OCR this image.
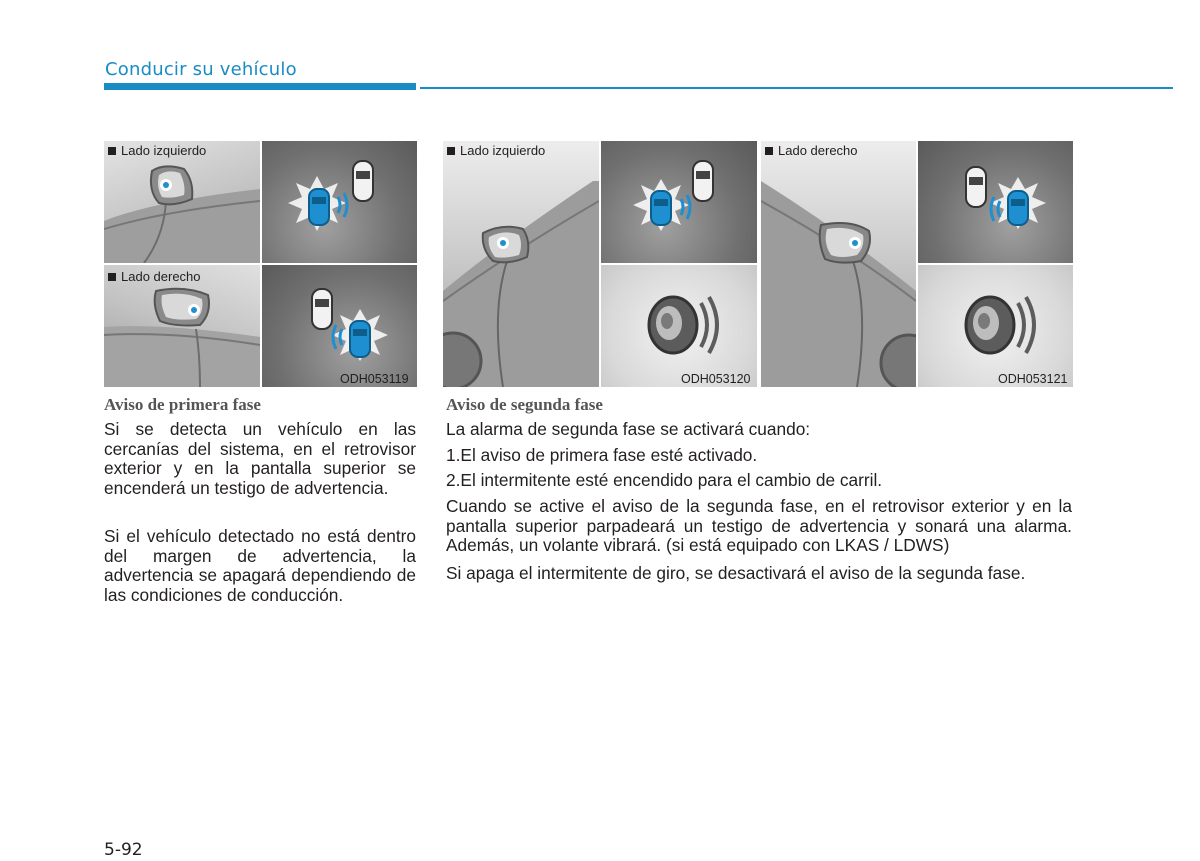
Conducir su vehículo
Lado izquierdo
Lado derecho
ODH053119
Lado izquierdo	Lado derecho
ODH053120	ODH053121
Aviso de primera fase

Si se detecta un vehículo en las cercanías del sistema, en el retrovisor exterior y en la pantalla superior se encenderá un testigo de advertencia.

Si el vehículo detectado no está dentro del margen de advertencia, la advertencia se apagará dependiendo de las condiciones de conducción.

Aviso de segunda fase

La alarma de segunda fase se activará cuando:

1.El aviso de primera fase esté activado.

2.El intermitente esté encendido para el cambio de carril.

Cuando se active el aviso de la segunda fase, en el retrovisor exterior y en la pantalla superior parpadeará un testigo de advertencia y sonará una alarma. Además, un volante vibrará. (si está equipado con LKAS / LDWS)

Si apaga el intermitente de giro, se desactivará el aviso de la segunda fase.

5-92
